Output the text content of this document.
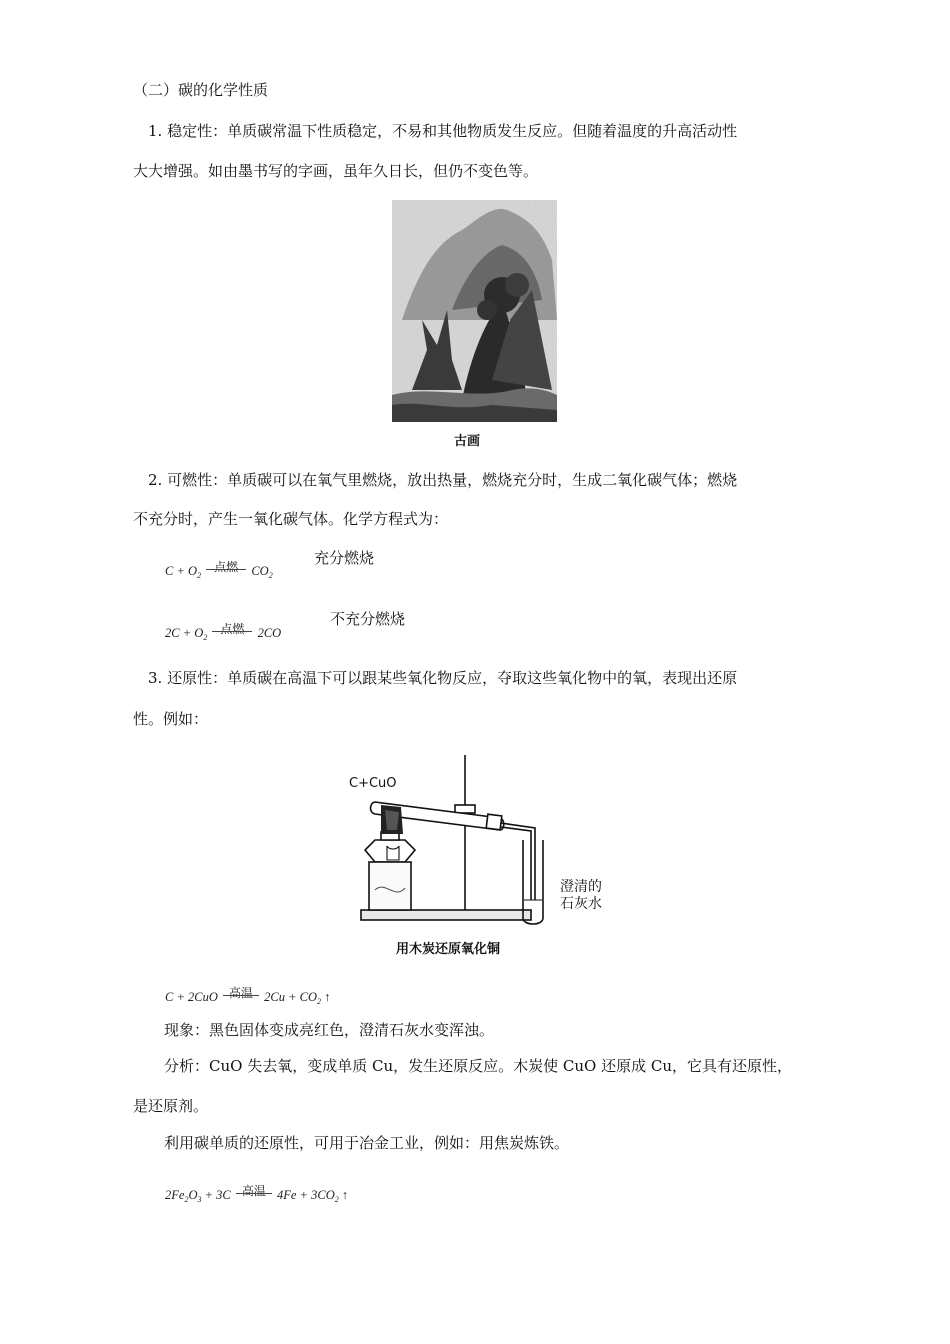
（二）碳的化学性质
1. 稳定性：单质碳常温下性质稳定，不易和其他物质发生反应。但随着温度的升高活动性
大大增强。如由墨书写的字画，虽年久日长，但仍不变色等。
古画
2. 可燃性：单质碳可以在氧气里燃烧，放出热量，燃烧充分时，生成二氧化碳气体；燃烧
不充分时，产生一氧化碳气体。化学方程式为：
$C + O_2$
点燃	$CO_2$
充分燃烧
$2C + O_2$
点燃	2CO
不充分燃烧
3. 还原性：单质碳在高温下可以跟某些氧化物反应，夺取这些氧化物中的氧，表现出还原
性。例如：
C+CuO
澄清的
石灰水
用木炭还原氧化铜
C + 2CuO 高温 $2Cu + CO_2$ ↑
现象：黑色固体变成亮红色，澄清石灰水变浑浊。
分析：CuO 失去氧，变成单质 Cu，发生还原反应。木炭使 CuO 还原成 Cu，它具有还原性，
是还原剂。
利用碳单质的还原性，可用于冶金工业，例如：用焦炭炼铁。
$2Fe_2O_3 + 3C$ 高温 $4Fe + 3CO_2$ ↑
